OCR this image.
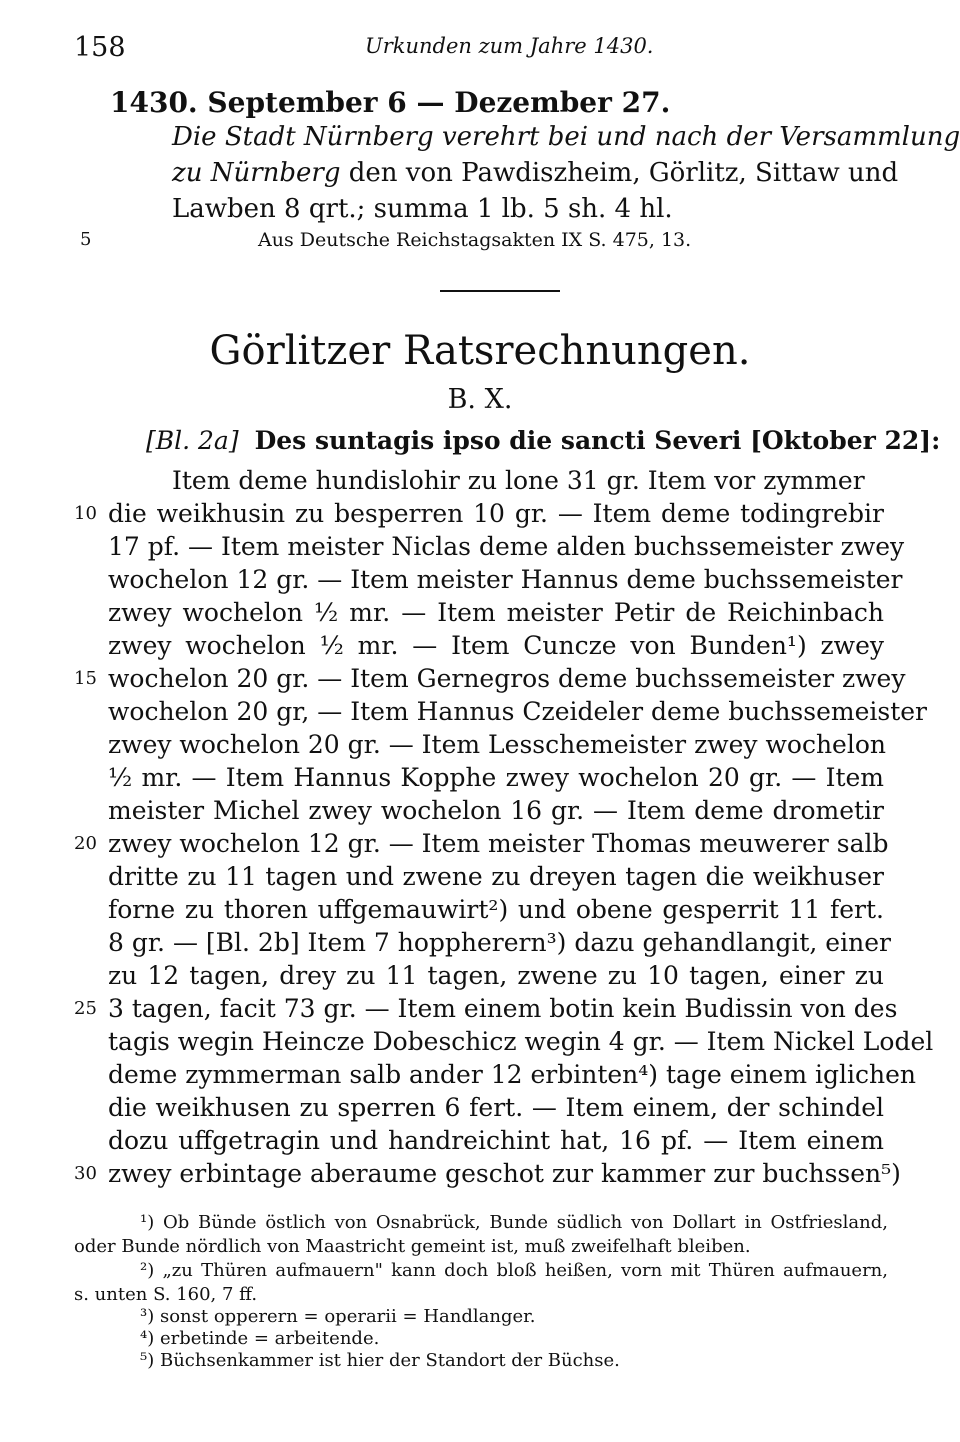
158	Urkunden zum Jahre 1430.
1430. September 6 — Dezember 27.
Die Stadt Nürnberg verehrt bei und nach der Versammlung
zu Nürnberg den von Pawdiszheim, Görlitz, Sittaw und
Lawben 8 qrt.; summa 1 lb. 5 sh. 4 hl.
5	Aus Deutsche Reichstagsakten IX S. 475, 13.
Görlitzer Ratsrechnungen.
B. X.
[Bl. 2a] Des suntagis ipso die sancti Severi [Oktober 22]:
Item deme hundislohir zu lone 31 gr. Item vor zymmer
die weikhusin zu besperren 10 gr. — Item deme todingrebir
17 pf. — Item meister Niclas deme alden buchssemeister zwey
wochelon 12 gr. — Item meister Hannus deme buchssemeister
zwey wochelon ½ mr. — Item meister Petir de Reichinbach
zwey wochelon ½ mr. — Item Cuncze von Bunden¹) zwey
wochelon 20 gr. — Item Gernegros deme buchssemeister zwey
wochelon 20 gr, — Item Hannus Czeideler deme buchssemeister
zwey wochelon 20 gr. — Item Lesschemeister zwey wochelon
½ mr. — Item Hannus Kopphe zwey wochelon 20 gr. — Item
meister Michel zwey wochelon 16 gr. — Item deme drometir
zwey wochelon 12 gr. — Item meister Thomas meuwerer salb
dritte zu 11 tagen und zwene zu dreyen tagen die weikhuser
forne zu thoren uffgemauwirt²) und obene gesperrit 11 fert.
8 gr. — [Bl. 2b] Item 7 hoppherern³) dazu gehandlangit, einer
zu 12 tagen, drey zu 11 tagen, zwene zu 10 tagen, einer zu
3 tagen, facit 73 gr. — Item einem botin kein Budissin von des
tagis wegin Heincze Dobeschicz wegin 4 gr. — Item Nickel Lodel
deme zymmerman salb ander 12 erbinten⁴) tage einem iglichen
die weikhusen zu sperren 6 fert. — Item einem, der schindel
dozu uffgetragin und handreichint hat, 16 pf. — Item einem
zwey erbintage aberaume geschot zur kammer zur buchssen⁵)
10
15
20
25
30
¹) Ob Bünde östlich von Osnabrück, Bunde südlich von Dollart in Ostfriesland,
oder Bunde nördlich von Maastricht gemeint ist, muß zweifelhaft bleiben.
²) „zu Thüren aufmauern" kann doch bloß heißen, vorn mit Thüren aufmauern,
s. unten S. 160, 7 ff.
³) sonst opperern = operarii = Handlanger.
⁴) erbetinde = arbeitende.
⁵) Büchsenkammer ist hier der Standort der Büchse.
